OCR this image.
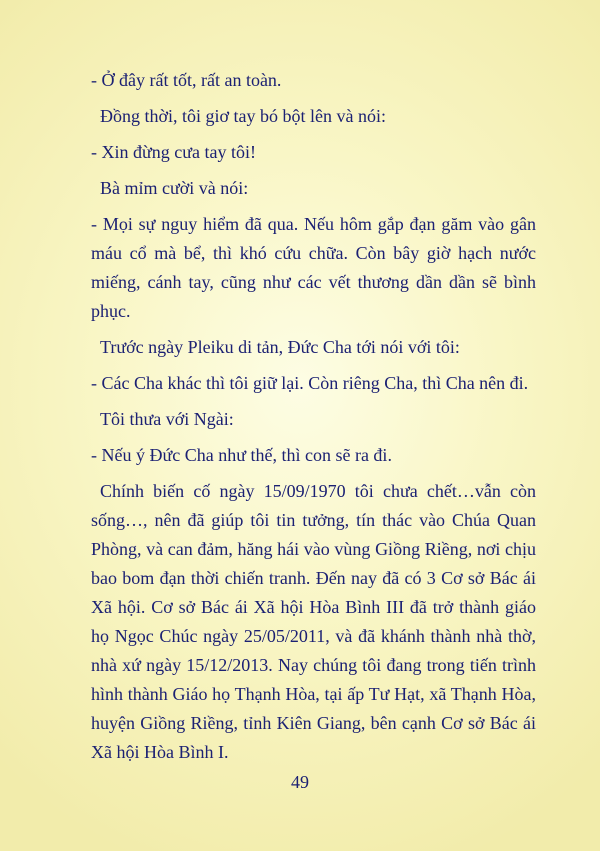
- Ở đây rất tốt, rất an toàn.

Đồng thời, tôi giơ tay bó bột lên và nói:

- Xin đừng cưa tay tôi!

Bà mỉm cười và nói:

- Mọi sự nguy hiểm đã qua. Nếu hôm gắp đạn găm vào gân máu cổ mà bể, thì khó cứu chữa. Còn bây giờ hạch nước miếng, cánh tay, cũng như các vết thương dần dần sẽ bình phục.

Trước ngày Pleiku di tản, Đức Cha tới nói với tôi:

- Các Cha khác thì tôi giữ lại. Còn riêng Cha, thì Cha nên đi.

Tôi thưa với Ngài:

- Nếu ý Đức Cha như thế, thì con sẽ ra đi.

Chính biến cố ngày 15/09/1970 tôi chưa chết…vẫn còn sống…, nên đã giúp tôi tin tưởng, tín thác vào Chúa Quan Phòng, và can đảm, hăng hái vào vùng Giồng Riềng, nơi chịu bao bom đạn thời chiến tranh. Đến nay đã có 3 Cơ sở Bác ái Xã hội. Cơ sở Bác ái Xã hội Hòa Bình III đã trở thành giáo họ Ngọc Chúc ngày 25/05/2011, và đã khánh thành nhà thờ, nhà xứ ngày 15/12/2013. Nay chúng tôi đang trong tiến trình hình thành Giáo họ Thạnh Hòa, tại ấp Tư Hạt, xã Thạnh Hòa, huyện Giồng Riềng, tỉnh Kiên Giang, bên cạnh Cơ sở Bác ái Xã hội Hòa Bình I.

49
